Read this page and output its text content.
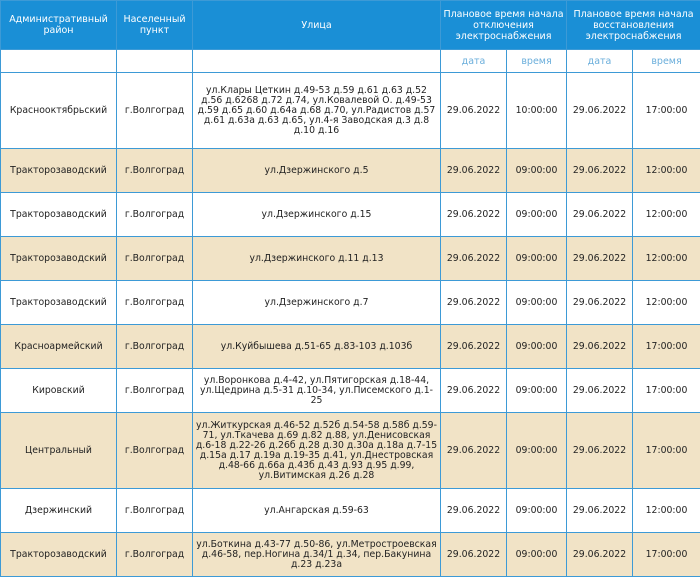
Административный район	Населенный пункт	Улица	Плановое время начала отключения электроснабжения		Плановое время начала восстановления электроснабжения	
			дата	время	дата	время
Краснооктябрьский	г.Волгоград	ул.Клары Цеткин д.49-53 д.59 д.61 д.63 д.52 д.56 д.6268 д.72 д.74, ул.Ковалевой О. д.49-53 д.59 д.65 д.60 д.64а д.68 д.70, ул.Радистов д.57 д.61 д.63а д.63 д.65, ул.4-я Заводская д.3 д.8 д.10 д.16	29.06.2022	10:00:00	29.06.2022	17:00:00
Тракторозаводский	г.Волгоград	ул.Дзержинского д.5	29.06.2022	09:00:00	29.06.2022	12:00:00
Тракторозаводский	г.Волгоград	ул.Дзержинского д.15	29.06.2022	09:00:00	29.06.2022	12:00:00
Тракторозаводский	г.Волгоград	ул.Дзержинского д.11 д.13	29.06.2022	09:00:00	29.06.2022	12:00:00
Тракторозаводский	г.Волгоград	ул.Дзержинского д.7	29.06.2022	09:00:00	29.06.2022	12:00:00
Красноармейский	г.Волгоград	ул.Куйбышева д.51-65 д.83-103 д.103б	29.06.2022	09:00:00	29.06.2022	17:00:00
Кировский	г.Волгоград	ул.Воронкова д.4-42, ул.Пятигорская д.18-44, ул.Щедрина д.5-31 д.10-34, ул.Писемского д.1-25	29.06.2022	09:00:00	29.06.2022	17:00:00
Центральный	г.Волгоград	ул.Житкурская д.46-52 д.52б д.54-58 д.58б д.59-71, ул.Ткачева д.69 д.82 д.88, ул.Денисовская д.6-18 д.22-26 д.26б д.28 д.30 д.30а д.18а д.7-15 д.15а д.17 д.19а д.19-35 д.41, ул.Днестровская д.48-66 д.66а д.43б д.43 д.93 д.95 д.99, ул.Витимская д.26 д.28	29.06.2022	09:00:00	29.06.2022	17:00:00
Дзержинский	г.Волгоград	ул.Ангарская д.59-63	29.06.2022	09:00:00	29.06.2022	12:00:00
Тракторозаводский	г.Волгоград	ул.Боткина д.43-77 д.50-86, ул.Метростроевская д.46-58, пер.Ногина д.34/1 д.34, пер.Бакунина д.23 д.23а	29.06.2022	09:00:00	29.06.2022	17:00:00
